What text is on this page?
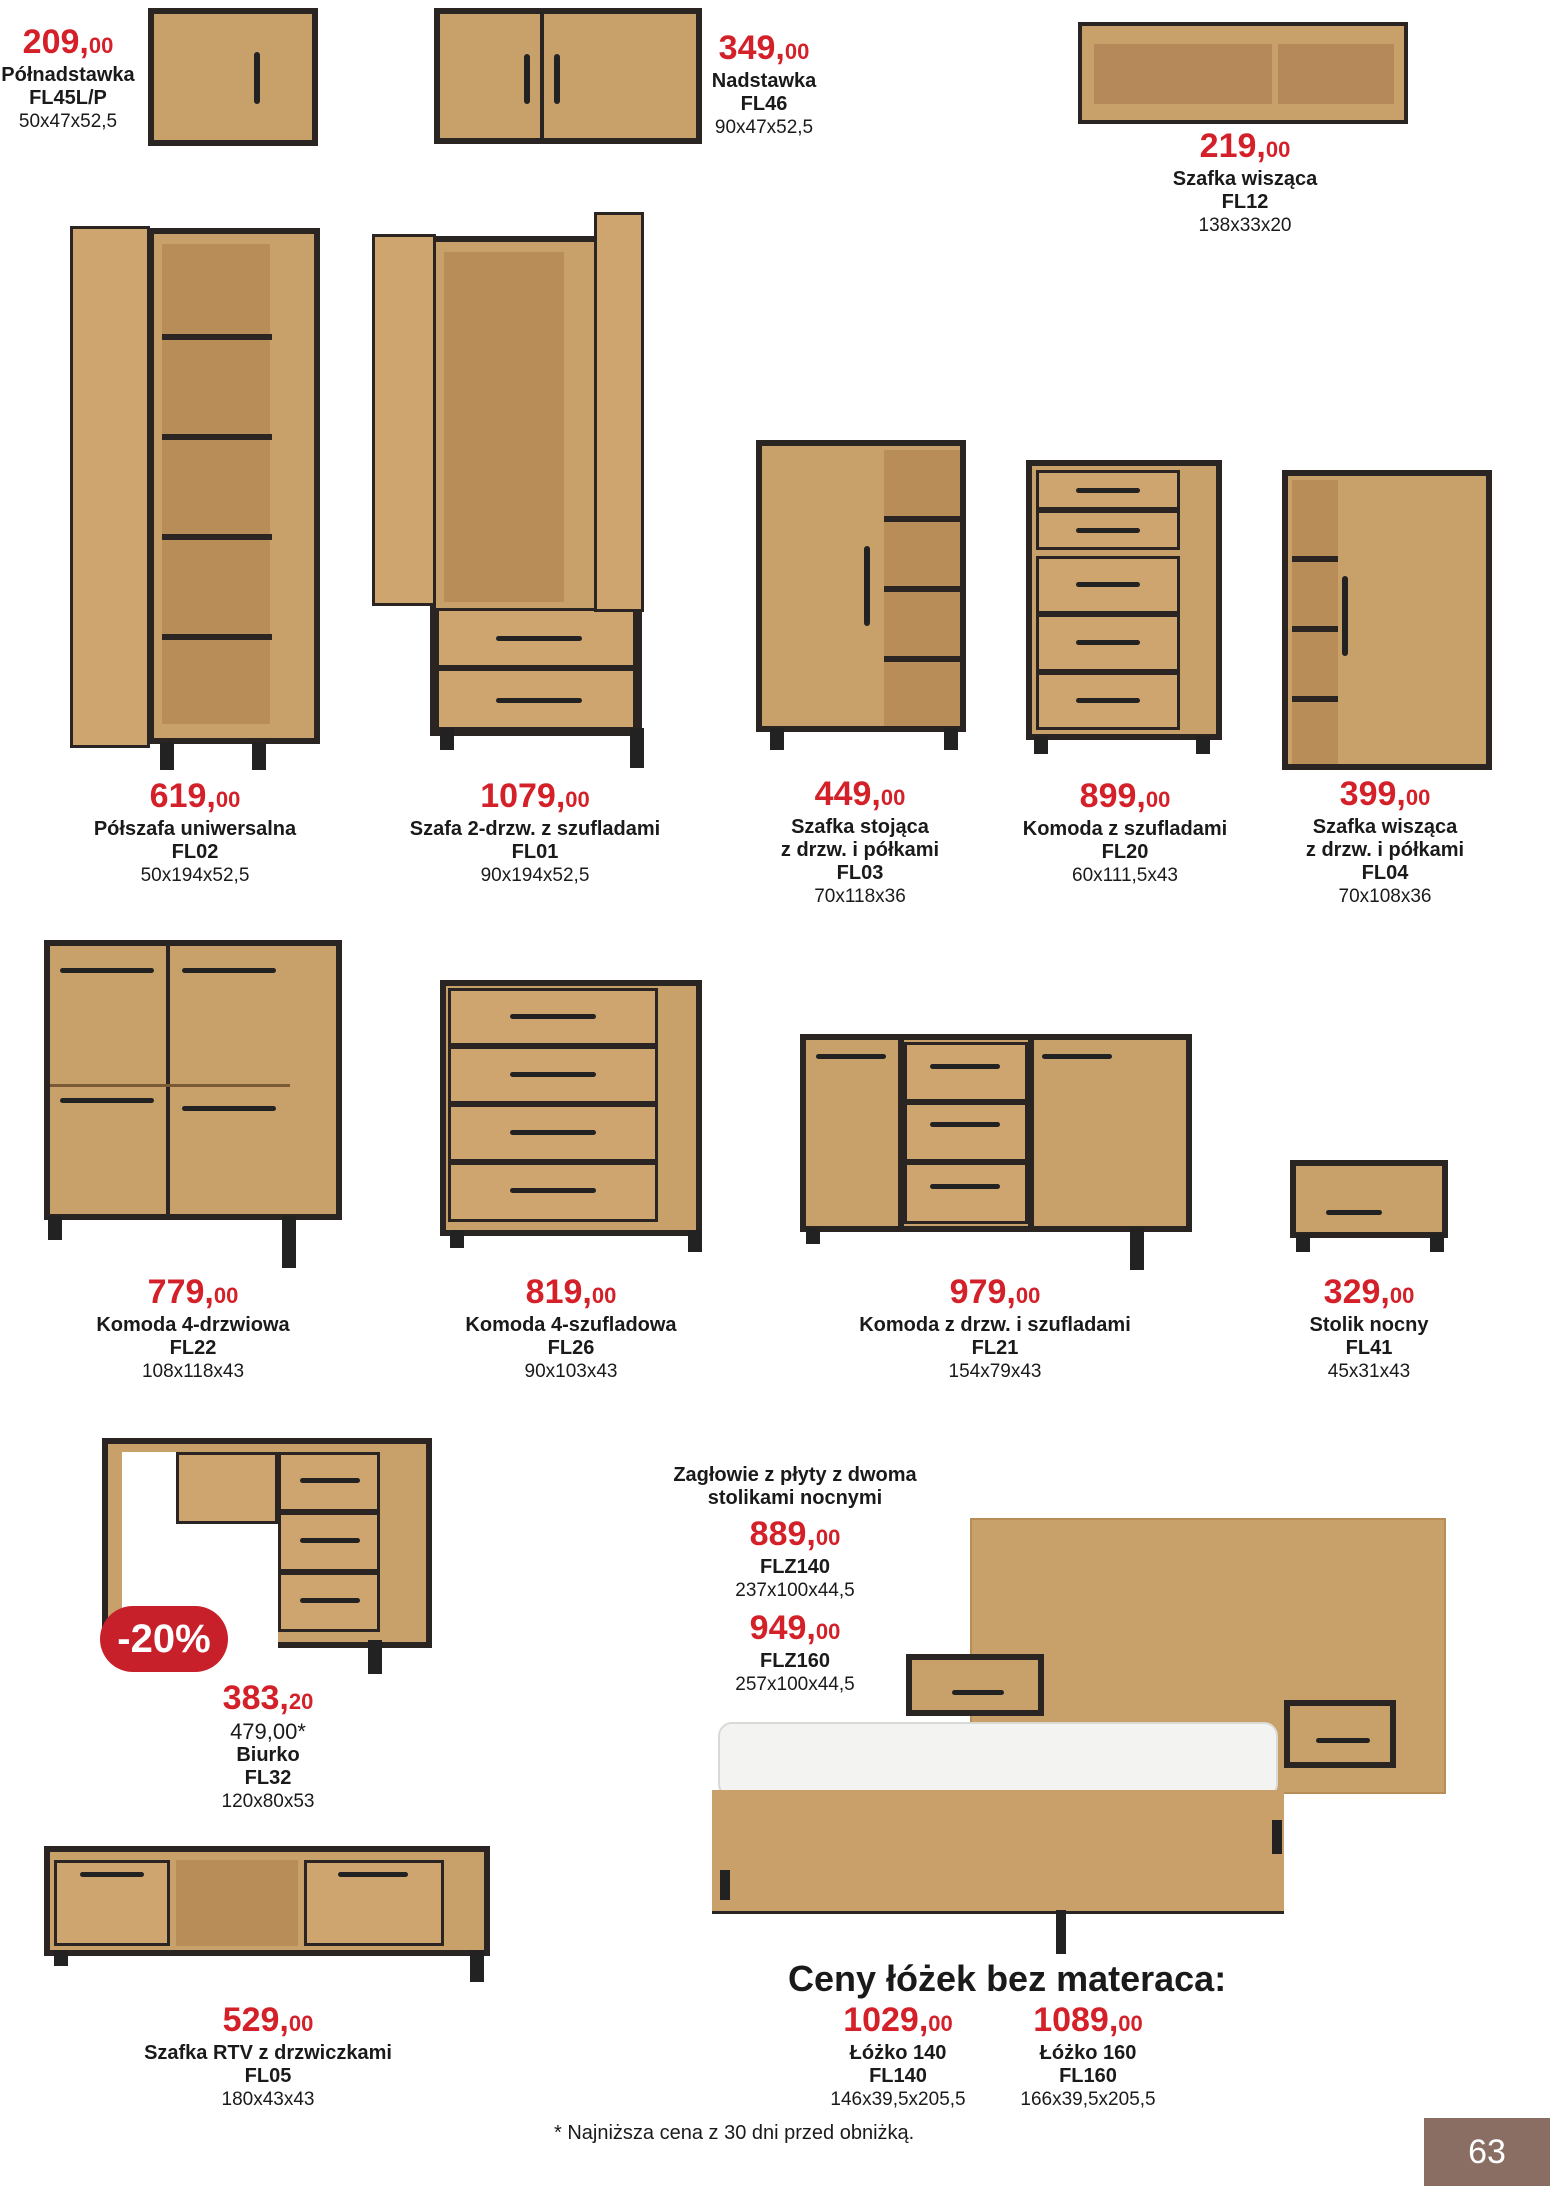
-20%
209,00
Półnadstawka
FL45L/P
50x47x52,5
349,00
Nadstawka
FL46
90x47x52,5	219,00
Szafka wisząca
FL12
138x33x20
619,00
Półszafa uniwersalna
FL02
50x194x52,5
1079,00
Szafa 2-drzw. z szufladami
FL01
90x194x52,5
449,00
Szafka stojąca
z drzw. i półkami
FL03
70x118x36
899,00
Komoda z szufladami
FL20
60x111,5x43
399,00
Szafka wisząca
z drzw. i półkami
FL04
70x108x36
779,00
Komoda 4-drzwiowa
FL22
108x118x43
819,00
Komoda 4-szufladowa
FL26
90x103x43
979,00
Komoda z drzw. i szufladami
FL21
154x79x43
329,00
Stolik nocny
FL41
45x31x43
383,20
479,00*
Biurko
FL32
120x80x53
529,00
Szafka RTV z drzwiczkami
FL05
180x43x43
Zagłowie z płyty z dwoma
stolikami nocnymi
889,00
FLZ140
237x100x44,5
949,00
FLZ160
257x100x44,5
Ceny łóżek bez materaca:
1029,00
Łóżko 140
FL140
146x39,5x205,5
1089,00
Łóżko 160
FL160
166x39,5x205,5
* Najniższa cena z 30 dni przed obniżką.	63
